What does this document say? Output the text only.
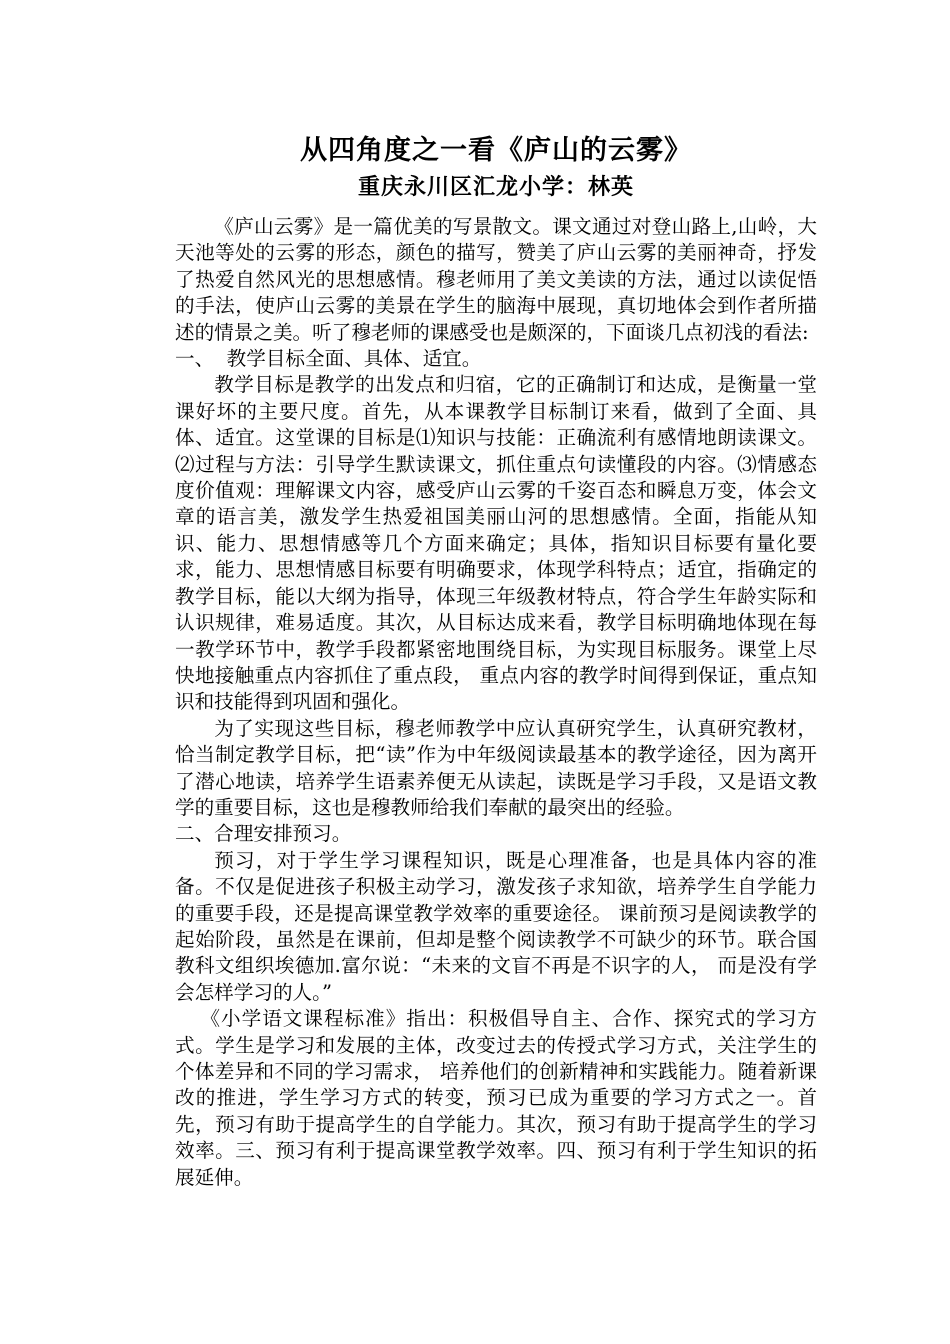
从四角度之一看《庐山的云雾》
重庆永川区汇龙小学：林英

《庐山云雾》是一篇优美的写景散文。课文通过对登山路上,山岭，大天池等处的云雾的形态，颜色的描写，赞美了庐山云雾的美丽神奇，抒发了热爱自然风光的思想感情。穆老师用了美文美读的方法，通过以读促悟的手法，使庐山云雾的美景在学生的脑海中展现，真切地体会到作者所描述的情景之美。听了穆老师的课感受也是颇深的，下面谈几点初浅的看法:

一、  教学目标全面、具体、适宜。

教学目标是教学的出发点和归宿，它的正确制订和达成，是衡量一堂课好坏的主要尺度。首先，从本课教学目标制订来看，做到了全面、具体、适宜。这堂课的目标是⑴知识与技能：正确流利有感情地朗读课文。⑵过程与方法：引导学生默读课文，抓住重点句读懂段的内容。⑶情感态度价值观：理解课文内容，感受庐山云雾的千姿百态和瞬息万变，体会文章的语言美，激发学生热爱祖国美丽山河的思想感情。全面，指能从知识、能力、思想情感等几个方面来确定；具体，指知识目标要有量化要求，能力、思想情感目标要有明确要求，体现学科特点；适宜，指确定的教学目标，能以大纲为指导，体现三年级教材特点，符合学生年龄实际和认识规律，难易适度。其次，从目标达成来看，教学目标明确地体现在每一教学环节中，教学手段都紧密地围绕目标，为实现目标服务。课堂上尽快地接触重点内容抓住了重点段， 重点内容的教学时间得到保证，重点知识和技能得到巩固和强化。

为了实现这些目标，穆老师教学中应认真研究学生，认真研究教材，恰当制定教学目标，把“读”作为中年级阅读最基本的教学途径，因为离开了潜心地读，培养学生语素养便无从读起，读既是学习手段，又是语文教学的重要目标，这也是穆教师给我们奉献的最突出的经验。

二、合理安排预习。

预习，对于学生学习课程知识，既是心理准备，也是具体内容的准备。不仅是促进孩子积极主动学习，激发孩子求知欲，培养学生自学能力的重要手段，还是提高课堂教学效率的重要途径。 课前预习是阅读教学的起始阶段，虽然是在课前，但却是整个阅读教学不可缺少的环节。联合国教科文组织埃德加.富尔说：“未来的文盲不再是不识字的人， 而是没有学会怎样学习的人。”

《小学语文课程标准》指出：积极倡导自主、合作、探究式的学习方式。学生是学习和发展的主体，改变过去的传授式学习方式，关注学生的个体差异和不同的学习需求， 培养他们的创新精神和实践能力。随着新课改的推进，学生学习方式的转变，预习已成为重要的学习方式之一。首先，预习有助于提高学生的自学能力。其次，预习有助于提高学生的学习效率。三、预习有利于提高课堂教学效率。四、预习有利于学生知识的拓展延伸。
